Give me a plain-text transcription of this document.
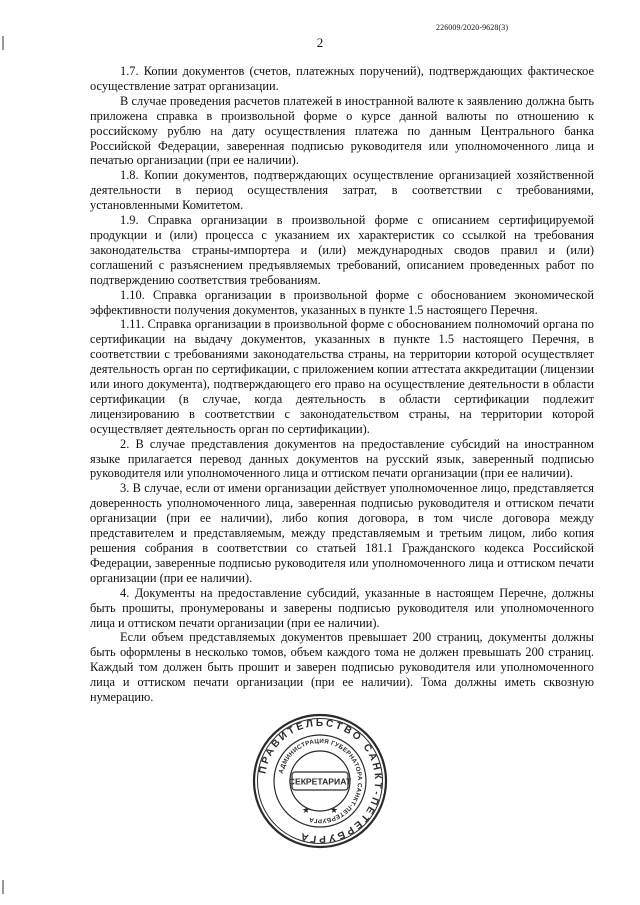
226009/2020-9628(3)
2

1.7. Копии документов (счетов, платежных поручений), подтверждающих фактическое осуществление затрат организации.

В случае проведения расчетов платежей в иностранной валюте к заявлению должна быть приложена справка в произвольной форме о курсе данной валюты по отношению к российскому рублю на дату осуществления платежа по данным Центрального банка Российской Федерации, заверенная подписью руководителя или уполномоченного лица и печатью организации (при ее наличии).

1.8. Копии документов, подтверждающих осуществление организацией хозяйственной деятельности в период осуществления затрат, в соответствии с требованиями, установленными Комитетом.

1.9. Справка организации в произвольной форме с описанием сертифицируемой продукции и (или) процесса с указанием их характеристик со ссылкой на требования законодательства страны-импортера и (или) международных сводов правил и (или) соглашений с разъяснением предъявляемых требований, описанием проведенных работ по подтверждению соответствия требованиям.

1.10. Справка организации в произвольной форме с обоснованием экономической эффективности получения документов, указанных в пункте 1.5 настоящего Перечня.

1.11. Справка организации в произвольной форме с обоснованием полномочий органа по сертификации на выдачу документов, указанных в пункте 1.5 настоящего Перечня, в соответствии с требованиями законодательства страны, на территории которой осуществляет деятельность орган по сертификации, с приложением копии аттестата аккредитации (лицензии или иного документа), подтверждающего его право на осуществление деятельности в области сертификации (в случае, когда деятельность в области сертификации подлежит лицензированию в соответствии с законодательством страны, на территории которой осуществляет деятельность орган по сертификации).

2. В случае представления документов на предоставление субсидий на иностранном языке прилагается перевод данных документов на русский язык, заверенный подписью руководителя или уполномоченного лица и оттиском печати организации (при ее наличии).

3. В случае, если от имени организации действует уполномоченное лицо, представляется доверенность уполномоченного лица, заверенная подписью руководителя и оттиском печати организации (при ее наличии), либо копия договора, в том числе договора между представителем и представляемым, между представляемым и третьим лицом, либо копия решения собрания в соответствии со статьей 181.1 Гражданского кодекса Российской Федерации, заверенные подписью руководителя или уполномоченного лица и оттиском печати организации (при ее наличии).

4. Документы на предоставление субсидий, указанные в настоящем Перечне, должны быть прошиты, пронумерованы и заверены подписью руководителя или уполномоченного лица и оттиском печати организации (при ее наличии).

Если объем представляемых документов превышает 200 страниц, документы должны быть оформлены в несколько томов, объем каждого тома не должен превышать 200 страниц. Каждый том должен быть прошит и заверен подписью руководителя или уполномоченного лица и оттиском печати организации (при ее наличии). Тома должны иметь сквозную нумерацию.

ПРАВИТЕЛЬСТВО САНКТ-ПЕТЕРБУРГА
АДМИНИСТРАЦИЯ ГУБЕРНАТОРА САНКТ-ПЕТЕРБУРГА
СЕКРЕТАРИАТ
★ ★
